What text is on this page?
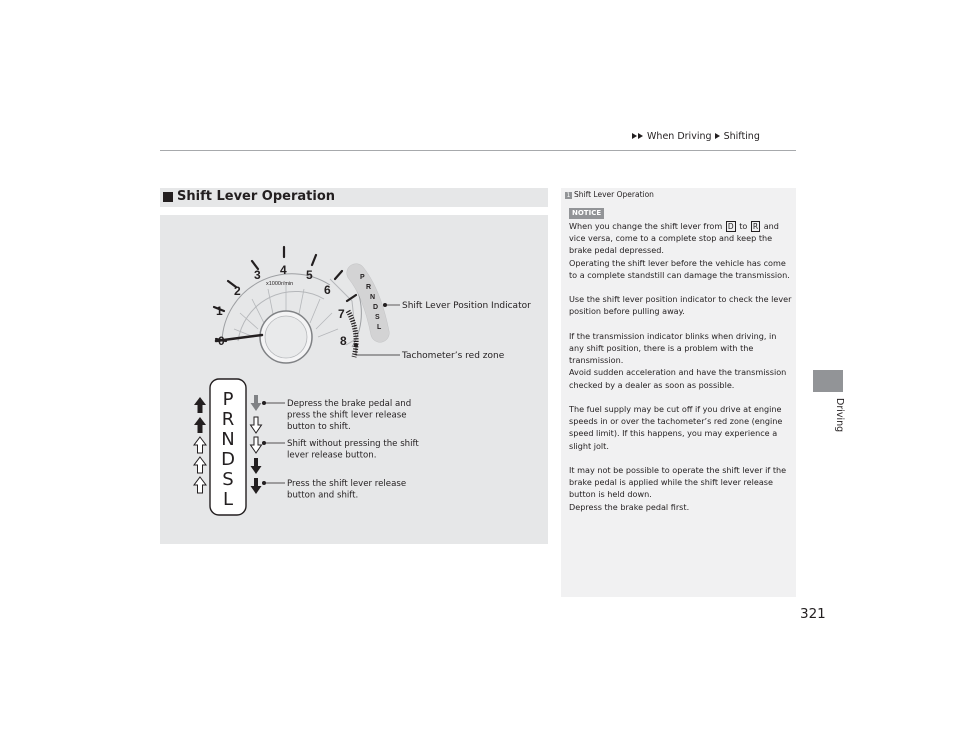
When Driving Shifting
Driving
Shift Lever Operation
0
1
2
3 4 5
6
7
8
x1000r/min
P
R
N
D
S
L
Shift Lever Position Indicator
Tachometer’s red zone
P
R
N
D
S
L
Depress the brake pedal and press the shift lever release button to shift.
Shift without pressing the shift lever release button.
Press the shift lever release button and shift.
1 Shift Lever Operation
NOTICE

When you change the shift lever from D to R and vice versa, come to a complete stop and keep the brake pedal depressed.

Operating the shift lever before the vehicle has come to a complete standstill can damage the transmission.

Use the shift lever position indicator to check the lever position before pulling away.

If the transmission indicator blinks when driving, in any shift position, there is a problem with the transmission.

Avoid sudden acceleration and have the transmission checked by a dealer as soon as possible.

The fuel supply may be cut off if you drive at engine speeds in or over the tachometer’s red zone (engine speed limit). If this happens, you may experience a slight jolt.

It may not be possible to operate the shift lever if the brake pedal is applied while the shift lever release button is held down.

Depress the brake pedal first.

321
